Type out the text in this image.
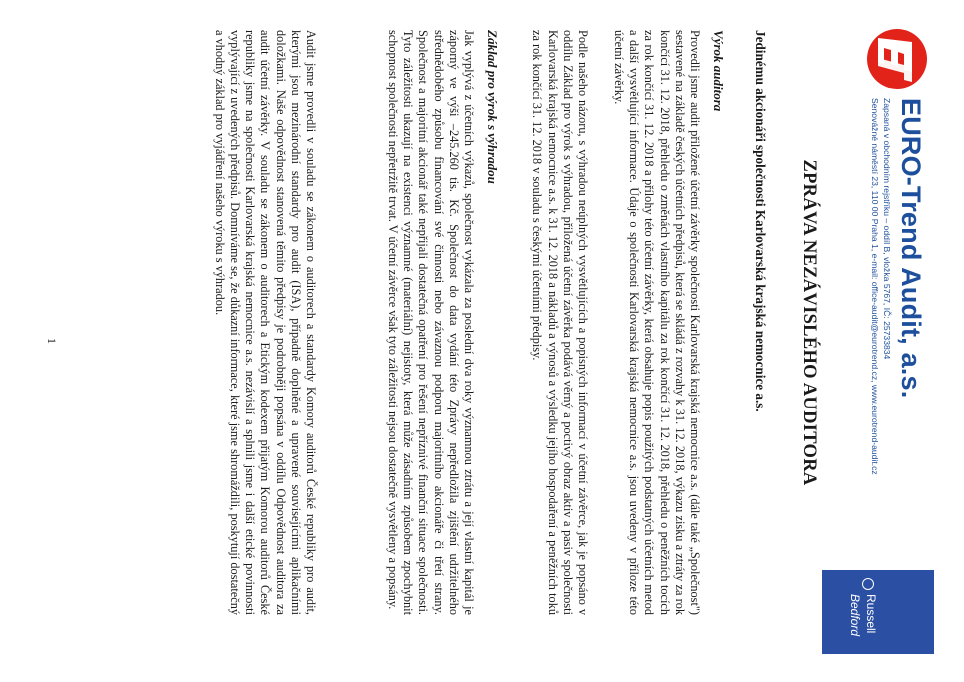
EURO-Trend Audit, a.s.
Zapsaná v obchodním rejstříku – oddíl B, vložka 5767, IČ: 25733834
Senovážné náměstí 23, 110 00 Praha 1, e-mail: office-audit@eurotrend.cz, www.eurotrend-audit.cz
Russell
Bedford
ZPRÁVA NEZÁVISLÉHO AUDITORA
Jedinému akcionáři společnosti Karlovarská krajská nemocnice a.s.
Výrok auditora
Provedli jsme audit přiložené účetní závěrky společnosti Karlovarská krajská nemocnice a.s. (dále také „Společnost") sestavené na základě českých účetních předpisů, která se skládá z rozvahy k 31. 12. 2018, výkazu zisku a ztráty za rok končící 31. 12. 2018, přehledu o změnách vlastního kapitálu za rok končící 31. 12. 2018, přehledu o peněžních tocích za rok končící 31. 12. 2018 a přílohy této účetní závěrky, která obsahuje popis použitých podstatných účetních metod a další vysvětlující informace. Údaje o společnosti Karlovarská krajská nemocnice a.s. jsou uvedeny v příloze této účetní závěrky.
Podle našeho názoru, s výhradou neúplných vysvětlujících a popisných informací v účetní závěrce, jak je popsáno v oddílu Základ pro výrok s výhradou, přiložená účetní závěrka podává věrný a poctivý obraz aktiv a pasiv společnosti Karlovarská krajská nemocnice a.s. k 31. 12. 2018 a nákladů a výnosů a výsledku jejího hospodaření a peněžních toků za rok končící 31. 12. 2018 v souladu s českými účetními předpisy.
Základ pro výrok s výhradou
Jak vyplývá z účetních výkazů, společnost vykázala za poslední dva roky významnou ztrátu a její vlastní kapitál je záporný ve výši –245.260 tis. Kč. Společnost do data vydání této Zprávy nepředložila zjištění udržitelného střednědobého způsobu financování své činnosti nebo závaznou podporu majoritního akcionáře či třetí strany. Společnost a majoritní akcionář také nepřijali dostatečná opatření pro řešení nepříznivé finanční situace společnosti. Tyto záležitosti ukazují na existenci významné (materiální) nejistoty, která může zásadním způsobem zpochybnit schopnost společnosti nepřetržitě trvat. V účetní závěrce však tyto záležitosti nejsou dostatečně vysvětleny a popsány.
Audit jsme provedli v souladu se zákonem o auditorech a standardy Komory auditorů České republiky pro audit, kterými jsou mezinárodní standardy pro audit (ISA), případně doplněné a upravené souvisejícími aplikačními doložkami. Naše odpovědnost stanovená těmito předpisy je podrobněji popsána v oddílu Odpovědnost auditora za audit účetní závěrky. V souladu se zákonem o auditorech a Etickým kodexem přijatým Komorou auditorů České republiky jsme na společnosti Karlovarská krajská nemocnice a.s. nezávislí a splnili jsme i další etické povinnosti vyplývající z uvedených předpisů. Domníváme se, že důkazní informace, které jsme shromáždili, poskytují dostatečný a vhodný základ pro vyjádření našeho výroku s výhradou.
1
